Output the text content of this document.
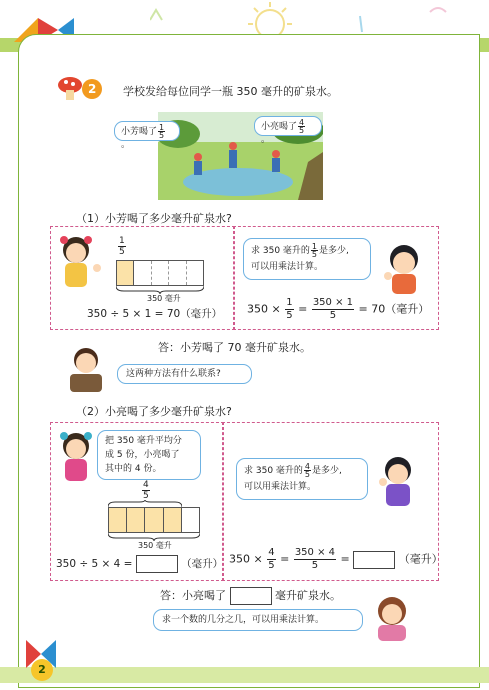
2 学校发给每位同学一瓶 350 毫升的矿泉水。
小芳喝了 $\frac{1}{5}$
。
小亮喝了 $\frac{4}{5}$
。
（1）小芳喝了多少毫升矿泉水?
$\frac{1}{5}$
350 毫升
350 ÷ 5 × 1 = 70（毫升）
求 350 毫升的 $\frac{1}{5}$ 是多少,
可以用乘法计算。
$350 \times \frac{1}{5} = \frac{350 \times 1}{5} = 70$（毫升）
答：小芳喝了 70 毫升矿泉水。
这两种方法有什么联系?
（2）小亮喝了多少毫升矿泉水?
把 350 毫升平均分
成 5 份，小亮喝了
其中的 4 份。
$\frac{4}{5}$
350 毫升
350 ÷ 5 × 4 =	（毫升）
求 350 毫升的 $\frac{4}{5}$ 是多少,
可以用乘法计算。
$350 \times \frac{4}{5} = \frac{350 \times 4}{5}$ =	（毫升）
答：小亮喝了	毫升矿泉水。
求一个数的几分之几，可以用乘法计算。
2
